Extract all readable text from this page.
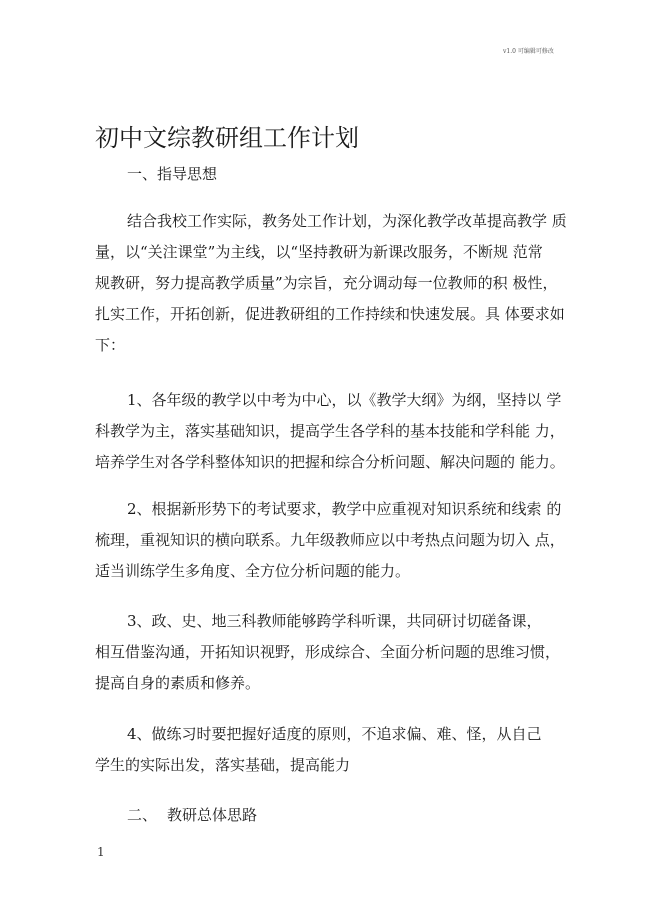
v1.0 可编辑可修改
初中文综教研组工作计划
一、指导思想
结合我校工作实际，教务处工作计划，为深化教学改革提高教学 质
量，以“关注课堂”为主线，以“坚持教研为新课改服务，不断规 范常
规教研，努力提高教学质量”为宗旨，充分调动每一位教师的积 极性，
扎实工作，开拓创新，促进教研组的工作持续和快速发展。具 体要求如
下：
1、各年级的教学以中考为中心，以《教学大纲》为纲，坚持以 学
科教学为主，落实基础知识，提高学生各学科的基本技能和学科能 力，
培养学生对各学科整体知识的把握和综合分析问题、解决问题的 能力。
2、根据新形势下的考试要求，教学中应重视对知识系统和线索 的
梳理，重视知识的横向联系。九年级教师应以中考热点问题为切入 点，
适当训练学生多角度、全方位分析问题的能力。
3、政、史、地三科教师能够跨学科听课，共同研讨切磋备课，
相互借鉴沟通，开拓知识视野，形成综合、全面分析问题的思维习惯，
提高自身的素质和修养。
4、做练习时要把握好适度的原则，不追求偏、难、怪，从自己
学生的实际出发，落实基础，提高能力
二、 教研总体思路
1
